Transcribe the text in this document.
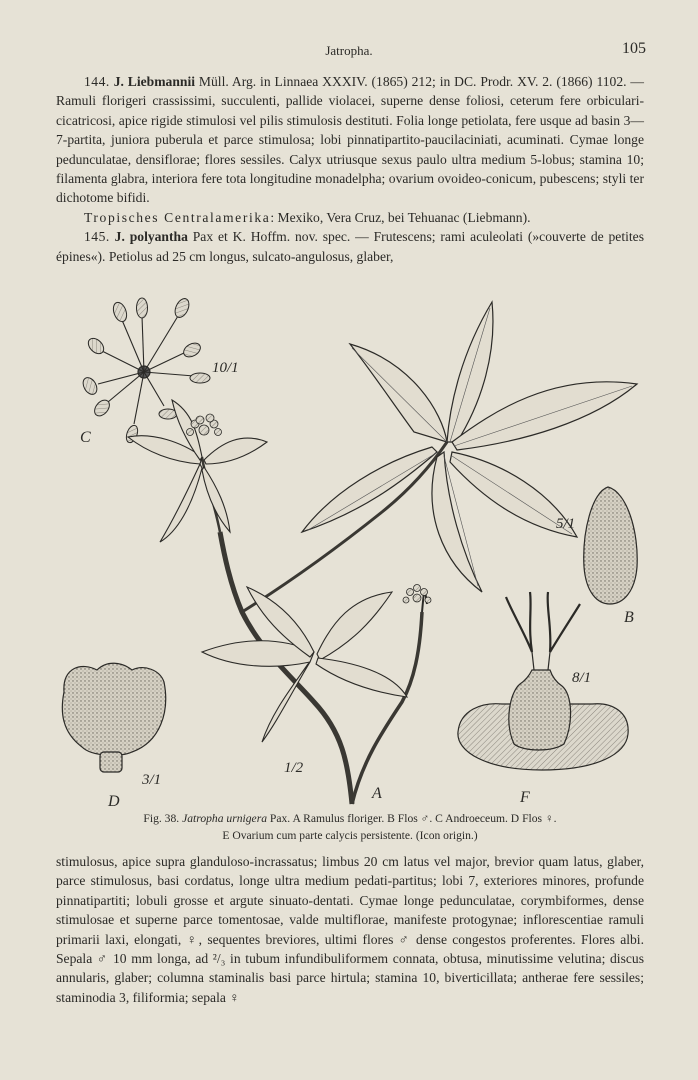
Jatropha.	105

144. J. Liebmannii Müll. Arg. in Linnaea XXXIV. (1865) 212; in DC. Prodr. XV. 2. (1866) 1102. — Ramuli florigeri crassissimi, succulenti, pallide violacei, superne dense foliosi, ceterum fere orbiculari-cicatricosi, apice rigide stimulosi vel pilis stimulosis destituti. Folia longe petiolata, fere usque ad basin 3—7-partita, juniora puberula et parce stimulosa; lobi pinnatipartito-paucilaciniati, acuminati. Cymae longe pedunculatae, densiflorae; flores sessiles. Calyx utriusque sexus paulo ultra medium 5-lobus; stamina 10; filamenta glabra, interiora fere tota longitudine monadelpha; ovarium ovoideo-conicum, pubescens; styli ter dichotome bifidi.

Tropisches Centralamerika: Mexiko, Vera Cruz, bei Tehuanac (Liebmann).

145. J. polyantha Pax et K. Hoffm. nov. spec. — Frutescens; rami aculeolati (»couverte de petites épines«). Petiolus ad 25 cm longus, sulcato-angulosus, glaber,

C
10/1
A
1/2
B
5/1
D
3/1
F
8/1
Fig. 38. Jatropha urnigera Pax. A Ramulus floriger. B Flos ♂. C Androeceum. D Flos ♀.
E Ovarium cum parte calycis persistente. (Icon origin.)

stimulosus, apice supra glanduloso-incrassatus; limbus 20 cm latus vel major, brevior quam latus, glaber, parce stimulosus, basi cordatus, longe ultra medium pedati-partitus; lobi 7, exteriores minores, profunde pinnatipartiti; lobuli grosse et argute sinuato-dentati. Cymae longe pedunculatae, corymbiformes, dense stimulosae et superne parce tomentosae, valde multiflorae, manifeste protogynae; inflorescentiae ramuli primarii laxi, elongati, ♀, sequentes breviores, ultimi flores ♂ dense congestos proferentes. Flores albi. Sepala ♂ 10 mm longa, ad ²/₃ in tubum infundibuliformem connata, obtusa, minutissime velutina; discus annularis, glaber; columna staminalis basi parce hirtula; stamina 10, biverticillata; antherae fere sessiles; staminodia 3, filiformia; sepala ♀
